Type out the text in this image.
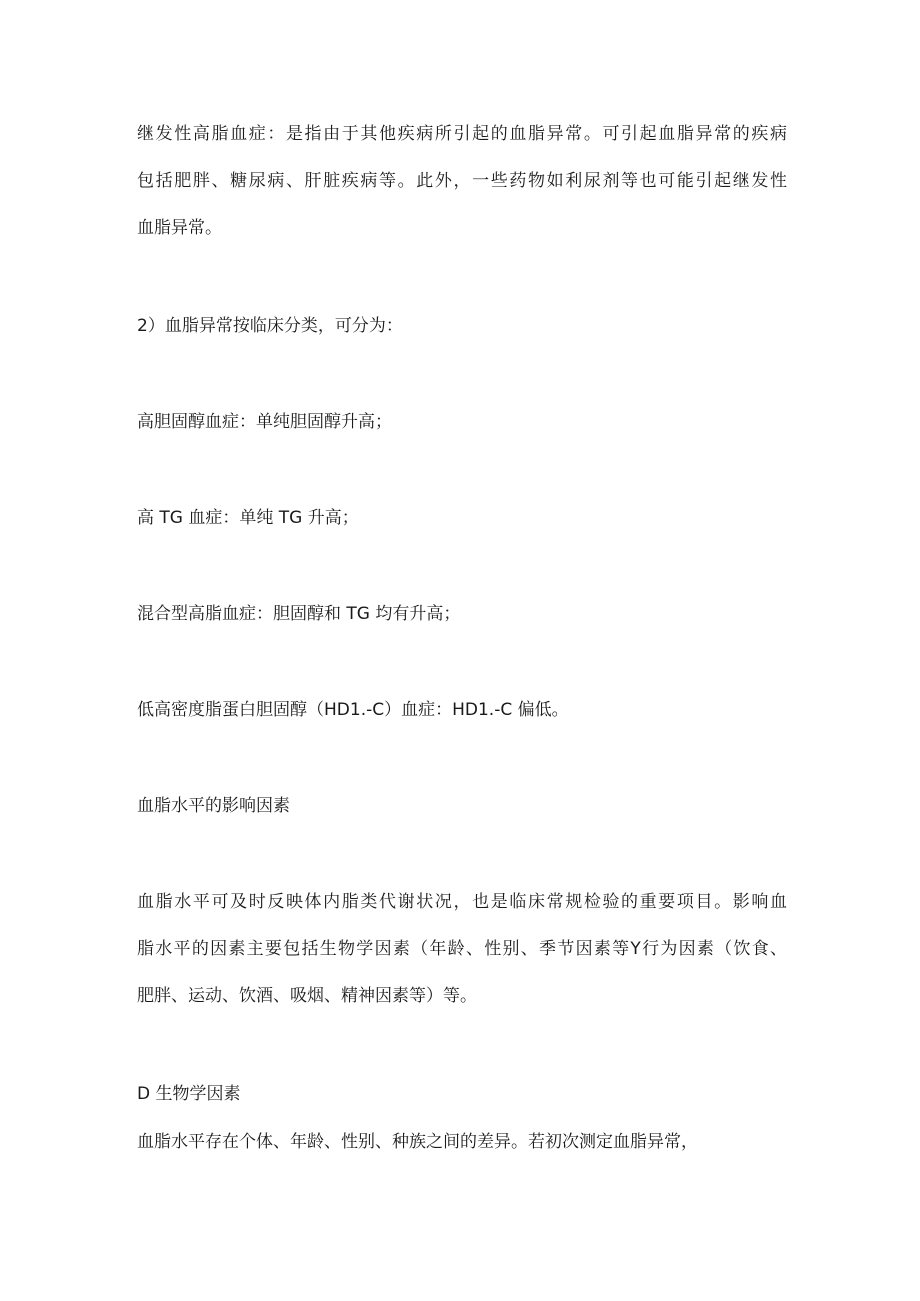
继发性高脂血症：是指由于其他疾病所引起的血脂异常。可引起血脂异常的疾病
包括肥胖、糖尿病、肝脏疾病等。此外，一些药物如利尿剂等也可能引起继发性
血脂异常。

2）血脂异常按临床分类，可分为：

高胆固醇血症：单纯胆固醇升高；

高 TG 血症：单纯 TG 升高；

混合型高脂血症：胆固醇和 TG 均有升高；

低高密度脂蛋白胆固醇（HD1.-C）血症：HD1.-C 偏低。

血脂水平的影响因素

血脂水平可及时反映体内脂类代谢状况，也是临床常规检验的重要项目。影响血
脂水平的因素主要包括生物学因素（年龄、性别、季节因素等Y行为因素（饮食、
肥胖、运动、饮酒、吸烟、精神因素等）等。

D 生物学因素

血脂水平存在个体、年龄、性别、种族之间的差异。若初次测定血脂异常，
